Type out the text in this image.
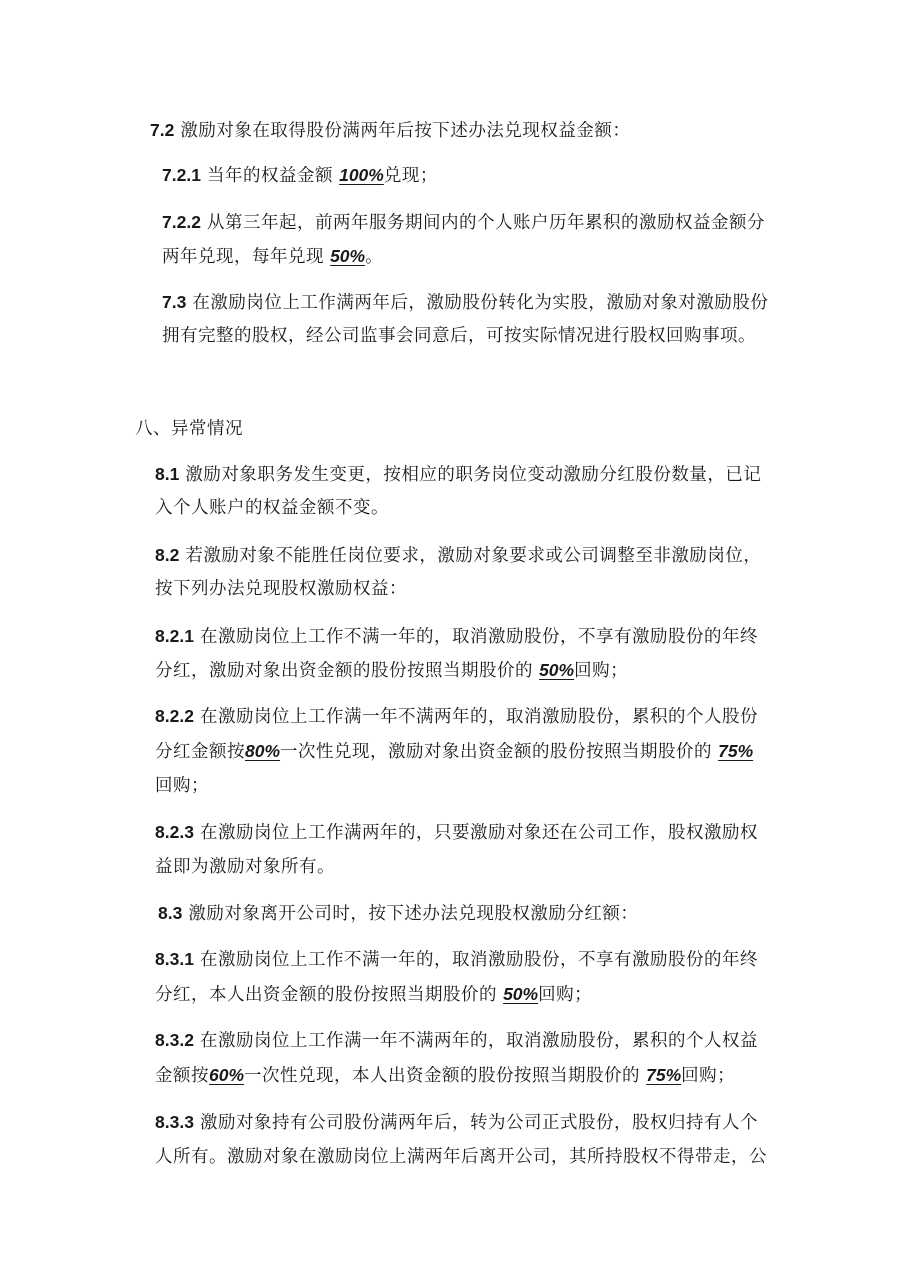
7.2 激励对象在取得股份满两年后按下述办法兑现权益金额：
7.2.1 当年的权益金额 100%兑现；
7.2.2 从第三年起，前两年服务期间内的个人账户历年累积的激励权益金额分
两年兑现，每年兑现 50%。
7.3 在激励岗位上工作满两年后，激励股份转化为实股，激励对象对激励股份
拥有完整的股权，经公司监事会同意后，可按实际情况进行股权回购事项。
八、异常情况
8.1 激励对象职务发生变更，按相应的职务岗位变动激励分红股份数量，已记
入个人账户的权益金额不变。
8.2 若激励对象不能胜任岗位要求，激励对象要求或公司调整至非激励岗位，
按下列办法兑现股权激励权益：
8.2.1 在激励岗位上工作不满一年的，取消激励股份，不享有激励股份的年终
分红，激励对象出资金额的股份按照当期股价的 50%回购；
8.2.2 在激励岗位上工作满一年不满两年的，取消激励股份，累积的个人股份
分红金额按80%一次性兑现，激励对象出资金额的股份按照当期股价的 75%
回购；
8.2.3 在激励岗位上工作满两年的，只要激励对象还在公司工作，股权激励权
益即为激励对象所有。
8.3 激励对象离开公司时，按下述办法兑现股权激励分红额：
8.3.1 在激励岗位上工作不满一年的，取消激励股份，不享有激励股份的年终
分红，本人出资金额的股份按照当期股价的 50%回购；
8.3.2 在激励岗位上工作满一年不满两年的，取消激励股份，累积的个人权益
金额按60%一次性兑现，本人出资金额的股份按照当期股价的 75%回购；
8.3.3 激励对象持有公司股份满两年后，转为公司正式股份，股权归持有人个
人所有。激励对象在激励岗位上满两年后离开公司，其所持股权不得带走，公
